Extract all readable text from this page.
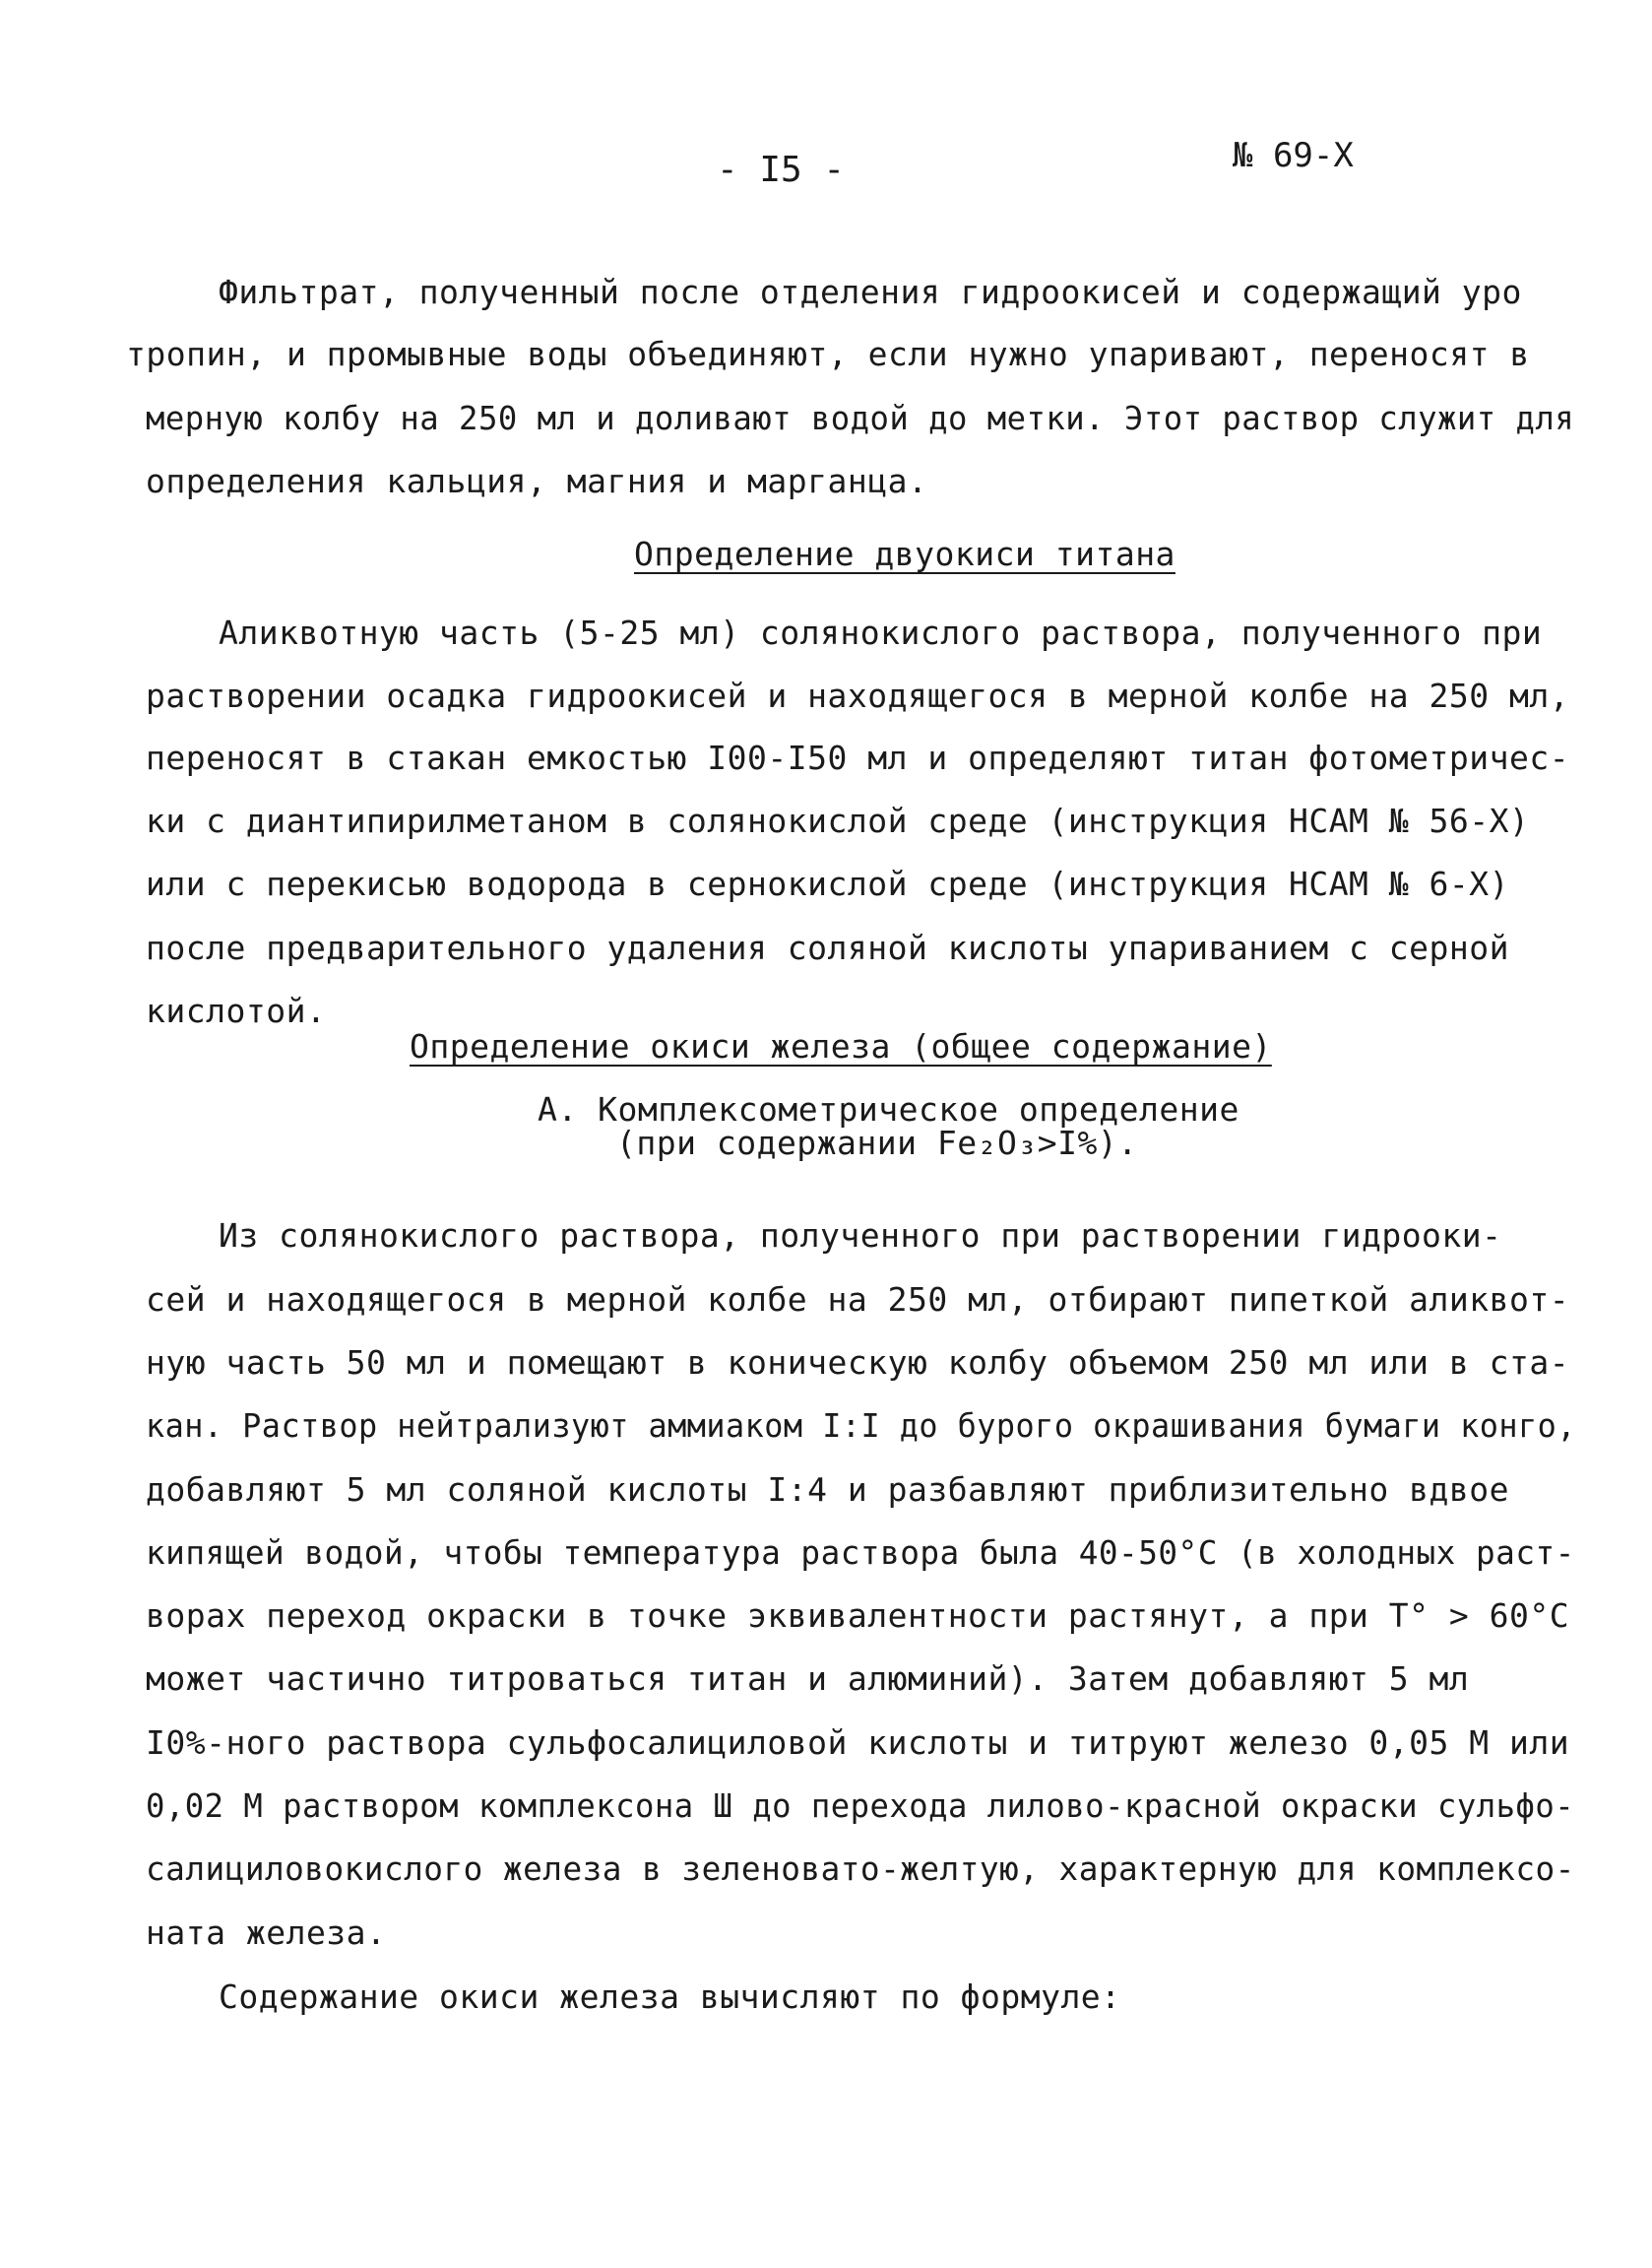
- I5 -	№ 69-Х
Фильтрат, полученный после отделения гидроокисей и содержащий уро
тропин, и промывные воды объединяют, если нужно упаривают, переносят в
мерную колбу на 250 мл и доливают водой до метки. Этот раствор служит для
определения кальция, магния и марганца.
Определение двуокиси титана
Аликвотную часть (5-25 мл) солянокислого раствора, полученного при
растворении осадка гидроокисей и находящегося в мерной колбе на 250 мл,
переносят в стакан емкостью I00-I50 мл и определяют титан фотометричес-
ки с диантипирилметаном в солянокислой среде (инструкция НСАМ № 56-Х)
или с перекисью водорода в сернокислой среде (инструкция НСАМ № 6-Х)
после предварительного удаления соляной кислоты упариванием с серной
кислотой.
Определение окиси железа (общее содержание)
А. Комплексометрическое определение
(при содержании Fe₂O₃>I%).
Из солянокислого раствора, полученного при растворении гидрооки-
сей и находящегося в мерной колбе на 250 мл, отбирают пипеткой аликвот-
ную часть 50 мл и помещают в коническую колбу объемом 250 мл или в ста-
кан. Раствор нейтрализуют аммиаком I:I до бурого окрашивания бумаги конго,
добавляют 5 мл соляной кислоты I:4 и разбавляют приблизительно вдвое
кипящей водой, чтобы температура раствора была 40-50°С (в холодных раст-
ворах переход окраски в точке эквивалентности растянут, а при Т° > 60°С
может частично титроваться титан и алюминий). Затем добавляют 5 мл
I0%-ного раствора сульфосалициловой кислоты и титруют железо 0,05 М или
0,02 М раствором комплексона Ш до перехода лилово-красной окраски сульфо-
салициловокислого железа в зеленовато-желтую, характерную для комплексо-
ната железа.
Содержание окиси железа вычисляют по формуле:
